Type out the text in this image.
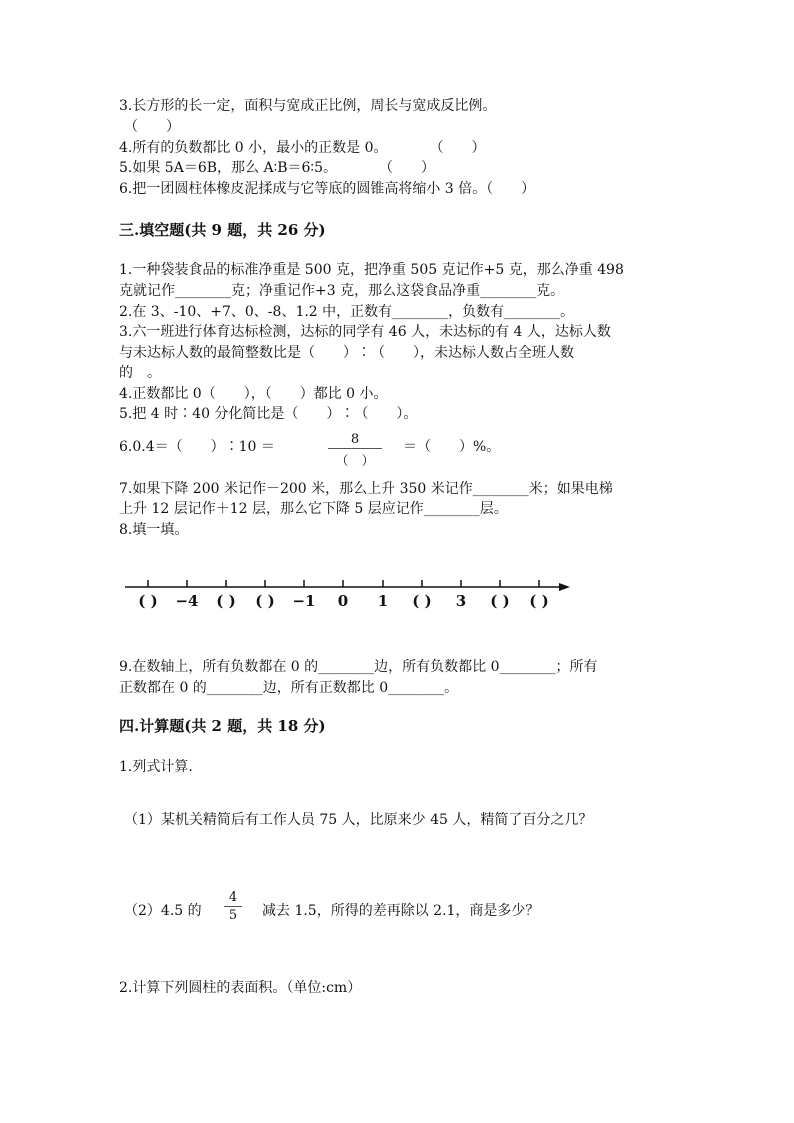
3.长方形的长一定，面积与宽成正比例，周长与宽成反比例。
（　　）
4.所有的负数都比 0 小，最小的正数是 0。　　　　（　　）
5.如果 5A＝6B，那么 A∶B＝6∶5。　　　　（　　）
6.把一团圆柱体橡皮泥揉成与它等底的圆锥高将缩小 3 倍。（　　）
三.填空题(共 9 题，共 26 分)
1.一种袋装食品的标准净重是 500 克，把净重 505 克记作+5 克，那么净重 498
克就记作________克；净重记作+3 克，那么这袋食品净重________克。
2.在 3、-10、+7、0、-8、1.2 中，正数有________，负数有________。
3.六一班进行体育达标检测，达标的同学有 46 人，未达标的有 4 人，达标人数
与未达标人数的最简整数比是（　　）∶（　　），未达标人数占全班人数
的　。
4.正数都比 0（　　），（　　）都比 0 小。
5.把 4 时∶40 分化简比是（　　）∶（　　）。
6.0.4＝（　　）∶10 ＝	8
（　）
＝（　　）%。
7.如果下降 200 米记作－200 米，那么上升 350 米记作________米；如果电梯
上升 12 层记作＋12 层，那么它下降 5 层应记作________层。
8.填一填。
( ) −4 ( ) ( ) −1 0 1 ( ) 3 ( ) ( )
9.在数轴上，所有负数都在 0 的________边，所有负数都比 0________；所有
正数都在 0 的________边，所有正数都比 0________。
四.计算题(共 2 题，共 18 分)
1.列式计算.
（1）某机关精简后有工作人员 75 人，比原来少 45 人，精简了百分之几？
（2）4.5 的
4
5	减去 1.5，所得的差再除以 2.1，商是多少？
2.计算下列圆柱的表面积。（单位:cm）
